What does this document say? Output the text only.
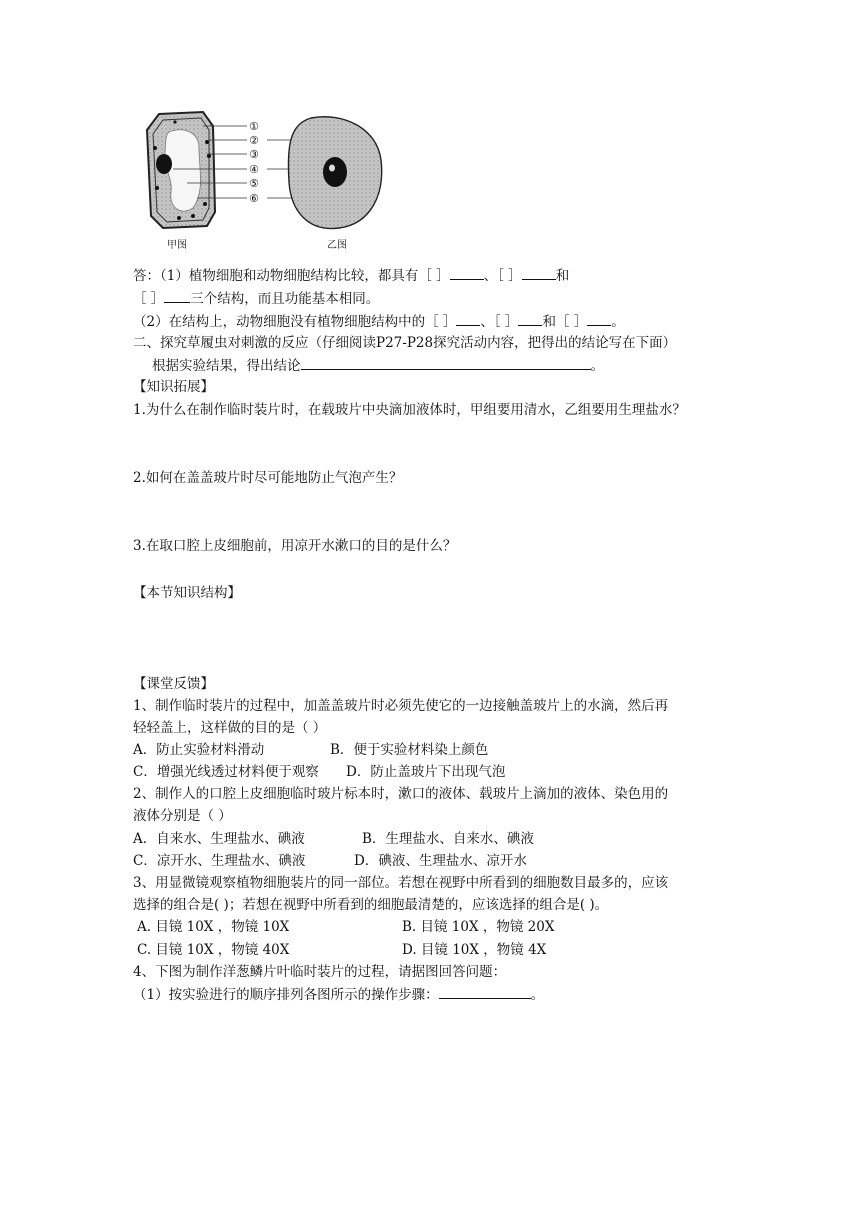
①
②
③
④
⑤
⑥
甲图	乙图
答：（1）植物细胞和动物细胞结构比较，都具有［ ］	、［ ］	和
［ ］ 三个结构，而且功能基本相同。
（2）在结构上，动物细胞没有植物细胞结构中的［ ］ 、［ ］ 和［ ］ 。
二、探究草履虫对刺激的反应（仔细阅读P27-P28探究活动内容，把得出的结论写在下面）
根据实验结果，得出结论	。
【知识拓展】
1.为什么在制作临时装片时，在载玻片中央滴加液体时，甲组要用清水，乙组要用生理盐水？
2.如何在盖盖玻片时尽可能地防止气泡产生？
3.在取口腔上皮细胞前，用凉开水漱口的目的是什么？
【本节知识结构】
【课堂反馈】
1、制作临时装片的过程中，加盖盖玻片时必须先使它的一边接触盖玻片上的水滴，然后再
轻轻盖上，这样做的目的是（ ）
A．防止实验材料滑动	B．便于实验材料染上颜色
C．增强光线透过材料便于观察 D．防止盖玻片下出现气泡
2、制作人的口腔上皮细胞临时玻片标本时，漱口的液体、载玻片上滴加的液体、染色用的
液体分别是（ ）
A．自来水、生理盐水、碘液	B．生理盐水、自来水、碘液
C．凉开水、生理盐水、碘液	D．碘液、生理盐水、凉开水
3、用显微镜观察植物细胞装片的同一部位。若想在视野中所看到的细胞数目最多的，应该
选择的组合是( )；若想在视野中所看到的细胞最清楚的，应该选择的组合是( )。
A. 目镜 10X ，物镜 10X	B. 目镜 10X ，物镜 20X
C. 目镜 10X ，物镜 40X	D. 目镜 10X ，物镜 4X
4、下图为制作洋葱鳞片叶临时装片的过程，请据图回答问题：
（1）按实验进行的顺序排列各图所示的操作步骤：	。
